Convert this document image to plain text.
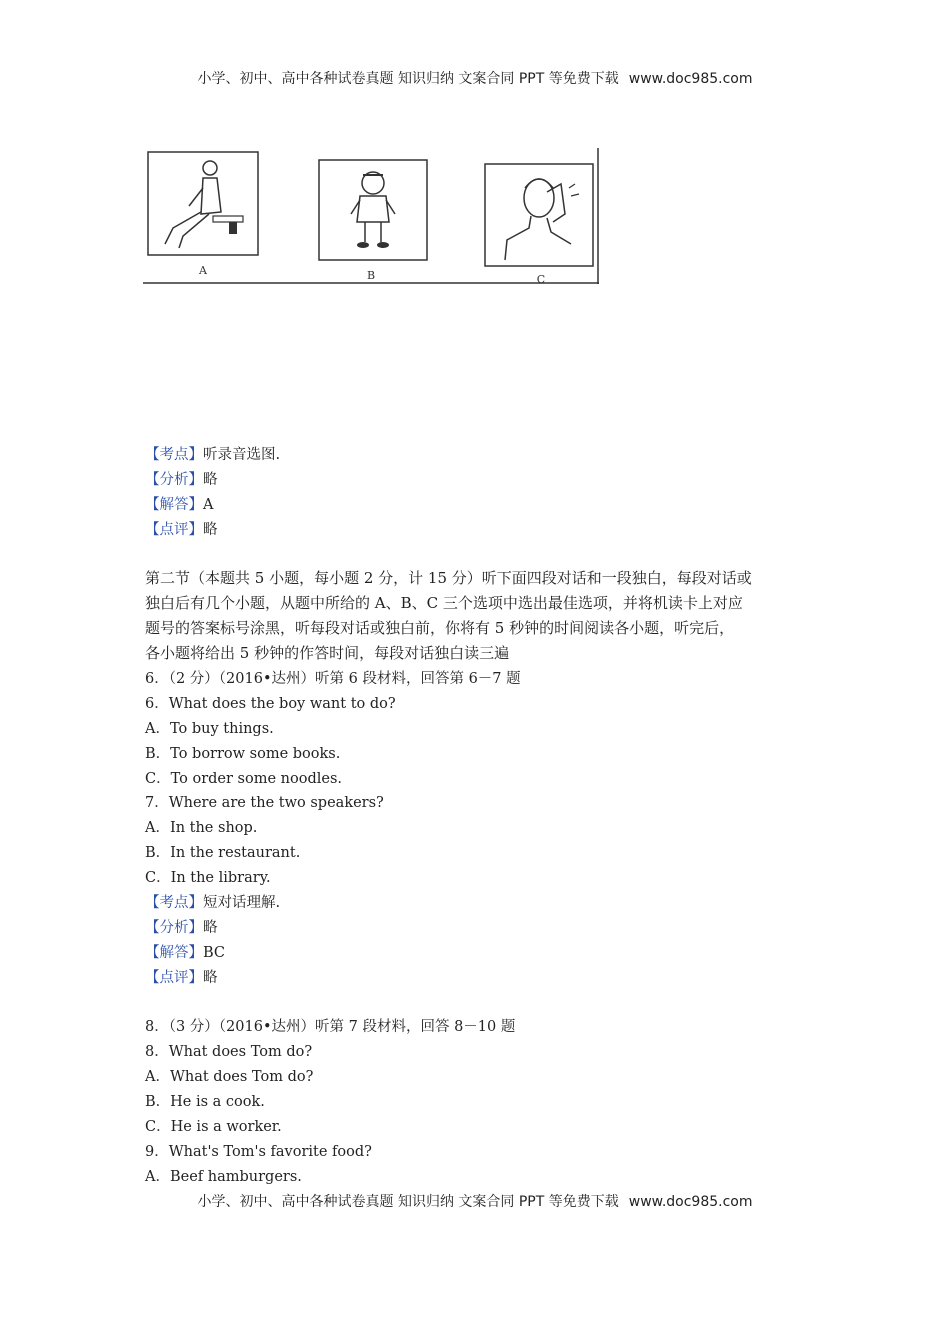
小学、初中、高中各种试卷真题 知识归纳 文案合同 PPT 等免费下载 www.doc985.com
A	B	C
【考点】听录音选图.
【分析】略
【解答】A
【点评】略
第二节（本题共 5 小题，每小题 2 分，计 15 分）听下面四段对话和一段独白，每段对话或
独白后有几个小题，从题中所给的 A、B、C 三个选项中选出最佳选项，并将机读卡上对应
题号的答案标号涂黑，听每段对话或独白前，你将有 5 秒钟的时间阅读各小题，听完后，
各小题将给出 5 秒钟的作答时间，每段对话独白读三遍
6．（2 分）（2016•达州）听第 6 段材料，回答第 6－7 题
6．What does the boy want to do?
A．To buy things.
B．To borrow some books.
C．To order some noodles.
7．Where are the two speakers?
A．In the shop.
B．In the restaurant.
C．In the library.
【考点】短对话理解.
【分析】略
【解答】BC
【点评】略
8．（3 分）（2016•达州）听第 7 段材料，回答 8－10 题
8．What does Tom do?
A．What does Tom do?
B．He is a cook.
C．He is a worker.
9．What's Tom's favorite food?
A．Beef hamburgers.
小学、初中、高中各种试卷真题 知识归纳 文案合同 PPT 等免费下载 www.doc985.com
